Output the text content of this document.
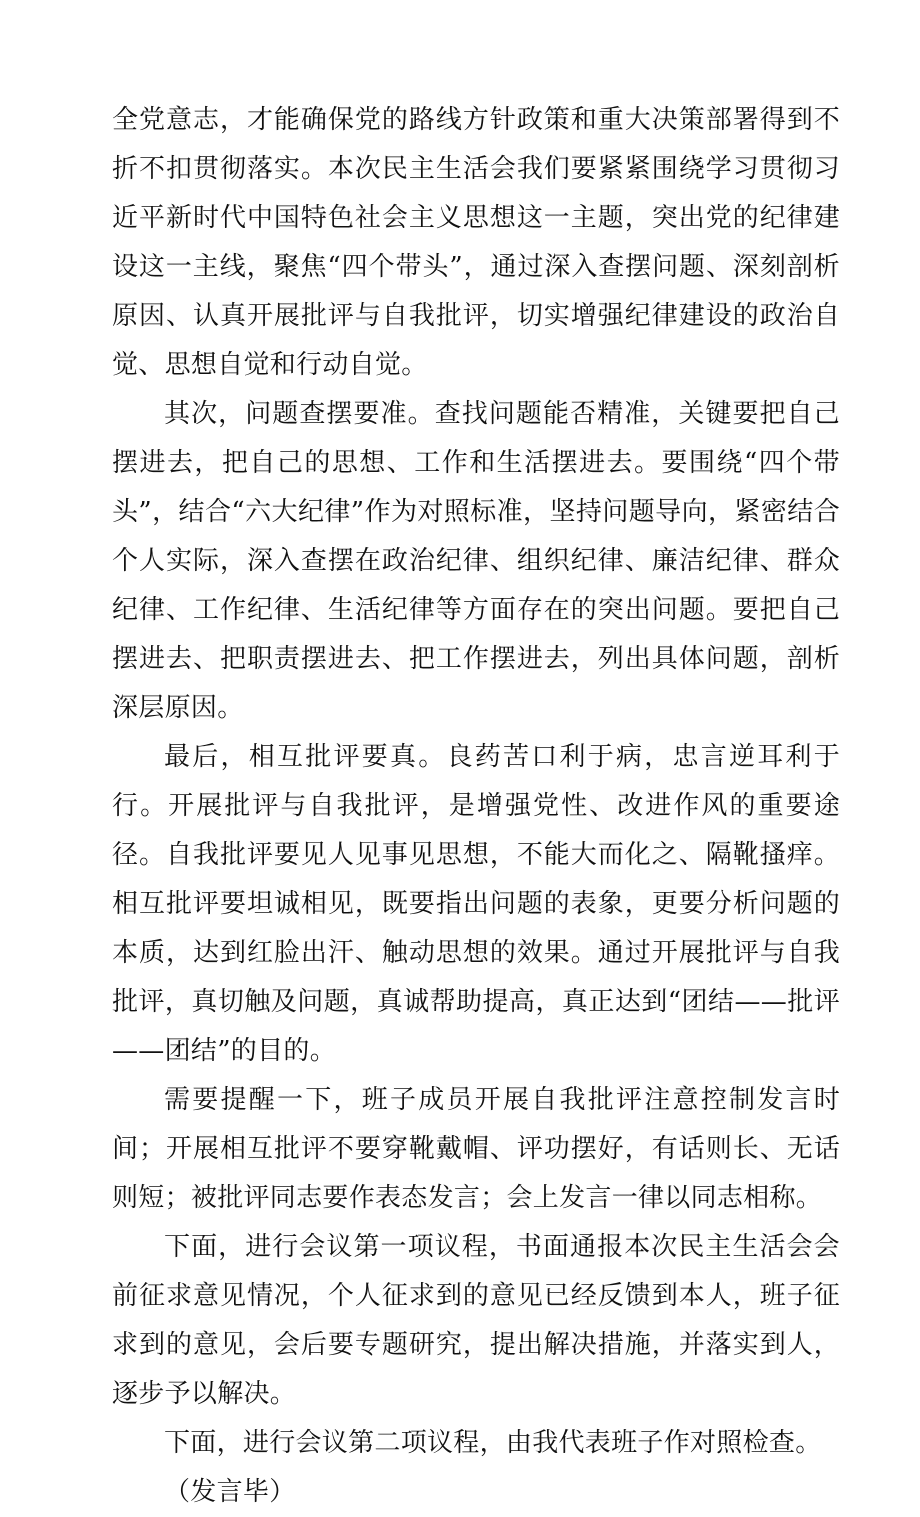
全党意志，才能确保党的路线方针政策和重大决策部署得到不折不扣贯彻落实。本次民主生活会我们要紧紧围绕学习贯彻习近平新时代中国特色社会主义思想这一主题，突出党的纪律建设这一主线，聚焦“四个带头”，通过深入查摆问题、深刻剖析原因、认真开展批评与自我批评，切实增强纪律建设的政治自觉、思想自觉和行动自觉。

其次，问题查摆要准。查找问题能否精准，关键要把自己摆进去，把自己的思想、工作和生活摆进去。要围绕“四个带头”，结合“六大纪律”作为对照标准，坚持问题导向，紧密结合个人实际，深入查摆在政治纪律、组织纪律、廉洁纪律、群众纪律、工作纪律、生活纪律等方面存在的突出问题。要把自己摆进去、把职责摆进去、把工作摆进去，列出具体问题，剖析深层原因。

最后，相互批评要真。良药苦口利于病，忠言逆耳利于行。开展批评与自我批评，是增强党性、改进作风的重要途径。自我批评要见人见事见思想，不能大而化之、隔靴搔痒。相互批评要坦诚相见，既要指出问题的表象，更要分析问题的本质，达到红脸出汗、触动思想的效果。通过开展批评与自我批评，真切触及问题，真诚帮助提高，真正达到“团结——批评——团结”的目的。

需要提醒一下，班子成员开展自我批评注意控制发言时间；开展相互批评不要穿靴戴帽、评功摆好，有话则长、无话则短；被批评同志要作表态发言；会上发言一律以同志相称。

下面，进行会议第一项议程，书面通报本次民主生活会会前征求意见情况，个人征求到的意见已经反馈到本人，班子征求到的意见，会后要专题研究，提出解决措施，并落实到人，逐步予以解决。

下面，进行会议第二项议程，由我代表班子作对照检查。

（发言毕）
